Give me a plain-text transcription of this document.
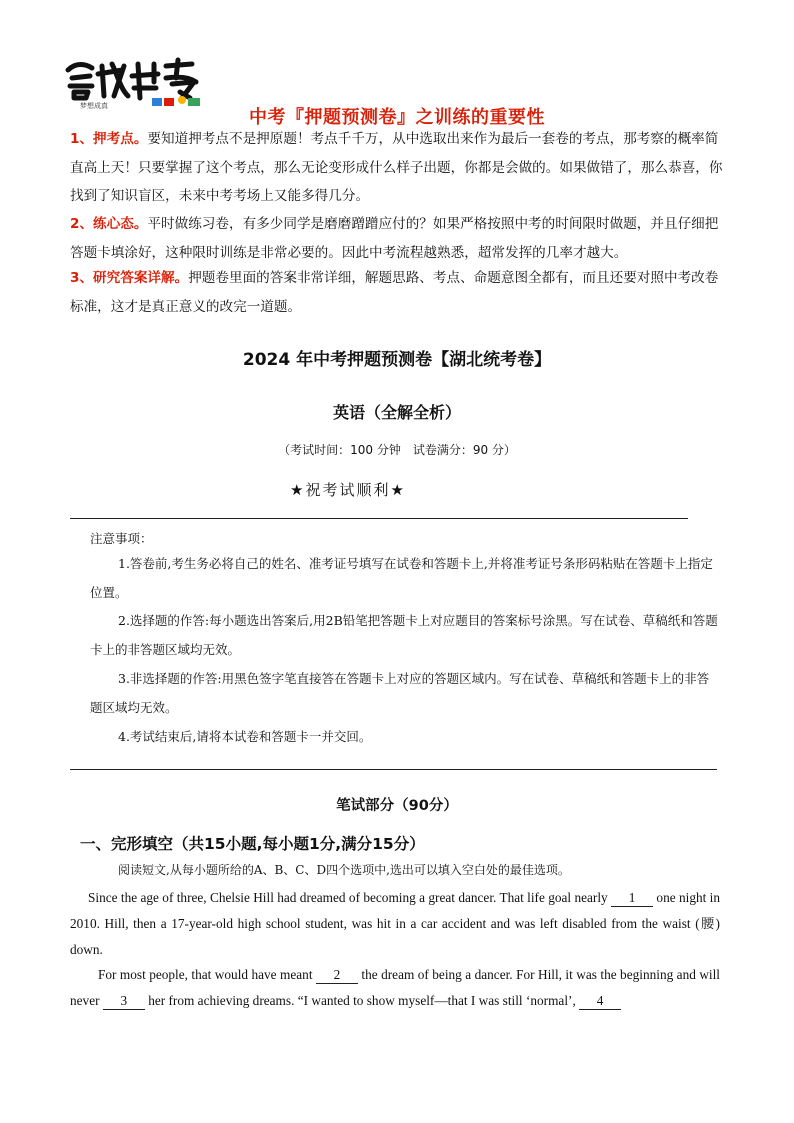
梦想成真
中考『押题预测卷』之训练的重要性
1、押考点。要知道押考点不是押原题！考点千千万，从中选取出来作为最后一套卷的考点，那考察的概率简直高上天！只要掌握了这个考点，那么无论变形成什么样子出题，你都是会做的。如果做错了，那么恭喜，你找到了知识盲区，未来中考考场上又能多得几分。
2、练心态。平时做练习卷，有多少同学是磨磨蹭蹭应付的？如果严格按照中考的时间限时做题，并且仔细把答题卡填涂好，这种限时训练是非常必要的。因此中考流程越熟悉，超常发挥的几率才越大。
3、研究答案详解。押题卷里面的答案非常详细，解题思路、考点、命题意图全都有，而且还要对照中考改卷标准，这才是真正意义的改完一道题。
2024 年中考押题预测卷【湖北统考卷】
英语（全解全析）
（考试时间：100 分钟　试卷满分：90 分）
★祝考试顺利★
注意事项：
1.答卷前,考生务必将自己的姓名、准考证号填写在试卷和答题卡上,并将准考证号条形码粘贴在答题卡上指定位置。
2.选择题的作答:每小题选出答案后,用2B铅笔把答题卡上对应题目的答案标号涂黑。写在试卷、草稿纸和答题卡上的非答题区域均无效。
3.非选择题的作答:用黑色签字笔直接答在答题卡上对应的答题区域内。写在试卷、草稿纸和答题卡上的非答题区域均无效。
4.考试结束后,请将本试卷和答题卡一并交回。
笔试部分（90分）
一、完形填空（共15小题,每小题1分,满分15分）
阅读短文,从每小题所给的A、B、C、D四个选项中,选出可以填入空白处的最佳选项。
Since the age of three, Chelsie Hill had dreamed of becoming a great dancer. That life goal nearly 1 one night in 2010. Hill, then a 17-year-old high school student, was hit in a car accident and was left disabled from the waist (腰) down.
For most people, that would have meant 2 the dream of being a dancer. For Hill, it was the beginning and will never 3 her from achieving dreams. “I wanted to show myself—that I was still ‘normal’, 4
